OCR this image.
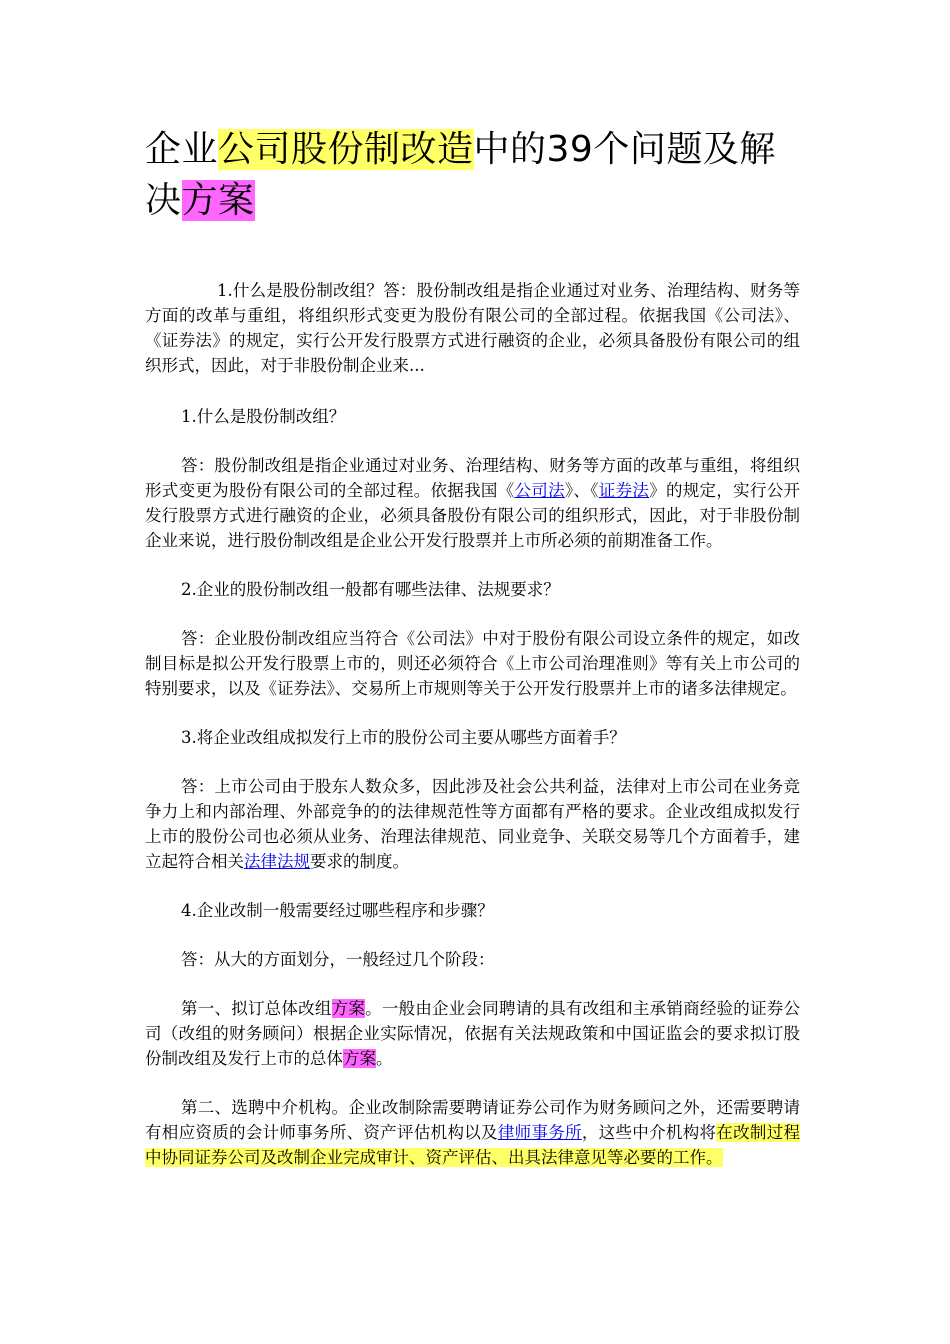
企业公司股份制改造中的39个问题及解决方案

1.什么是股份制改组？答：股份制改组是指企业通过对业务、治理结构、财务等方面的改革与重组，将组织形式变更为股份有限公司的全部过程。依据我国《公司法》、《证券法》的规定，实行公开发行股票方式进行融资的企业，必须具备股份有限公司的组织形式，因此，对于非股份制企业来...

1.什么是股份制改组？

答：股份制改组是指企业通过对业务、治理结构、财务等方面的改革与重组，将组织形式变更为股份有限公司的全部过程。依据我国《公司法》、《证券法》的规定，实行公开发行股票方式进行融资的企业，必须具备股份有限公司的组织形式，因此，对于非股份制企业来说，进行股份制改组是企业公开发行股票并上市所必须的前期准备工作。

2.企业的股份制改组一般都有哪些法律、法规要求？

答：企业股份制改组应当符合《公司法》中对于股份有限公司设立条件的规定，如改制目标是拟公开发行股票上市的，则还必须符合《上市公司治理准则》等有关上市公司的特别要求，以及《证券法》、交易所上市规则等关于公开发行股票并上市的诸多法律规定。

3.将企业改组成拟发行上市的股份公司主要从哪些方面着手？

答：上市公司由于股东人数众多，因此涉及社会公共利益，法律对上市公司在业务竞争力上和内部治理、外部竞争的的法律规范性等方面都有严格的要求。企业改组成拟发行上市的股份公司也必须从业务、治理法律规范、同业竞争、关联交易等几个方面着手，建立起符合相关法律法规要求的制度。

4.企业改制一般需要经过哪些程序和步骤？

答：从大的方面划分，一般经过几个阶段：

第一、拟订总体改组方案。一般由企业会同聘请的具有改组和主承销商经验的证券公司（改组的财务顾问）根据企业实际情况，依据有关法规政策和中国证监会的要求拟订股份制改组及发行上市的总体方案。

第二、选聘中介机构。企业改制除需要聘请证券公司作为财务顾问之外，还需要聘请有相应资质的会计师事务所、资产评估机构以及律师事务所，这些中介机构将在改制过程中协同证券公司及改制企业完成审计、资产评估、出具法律意见等必要的工作。
